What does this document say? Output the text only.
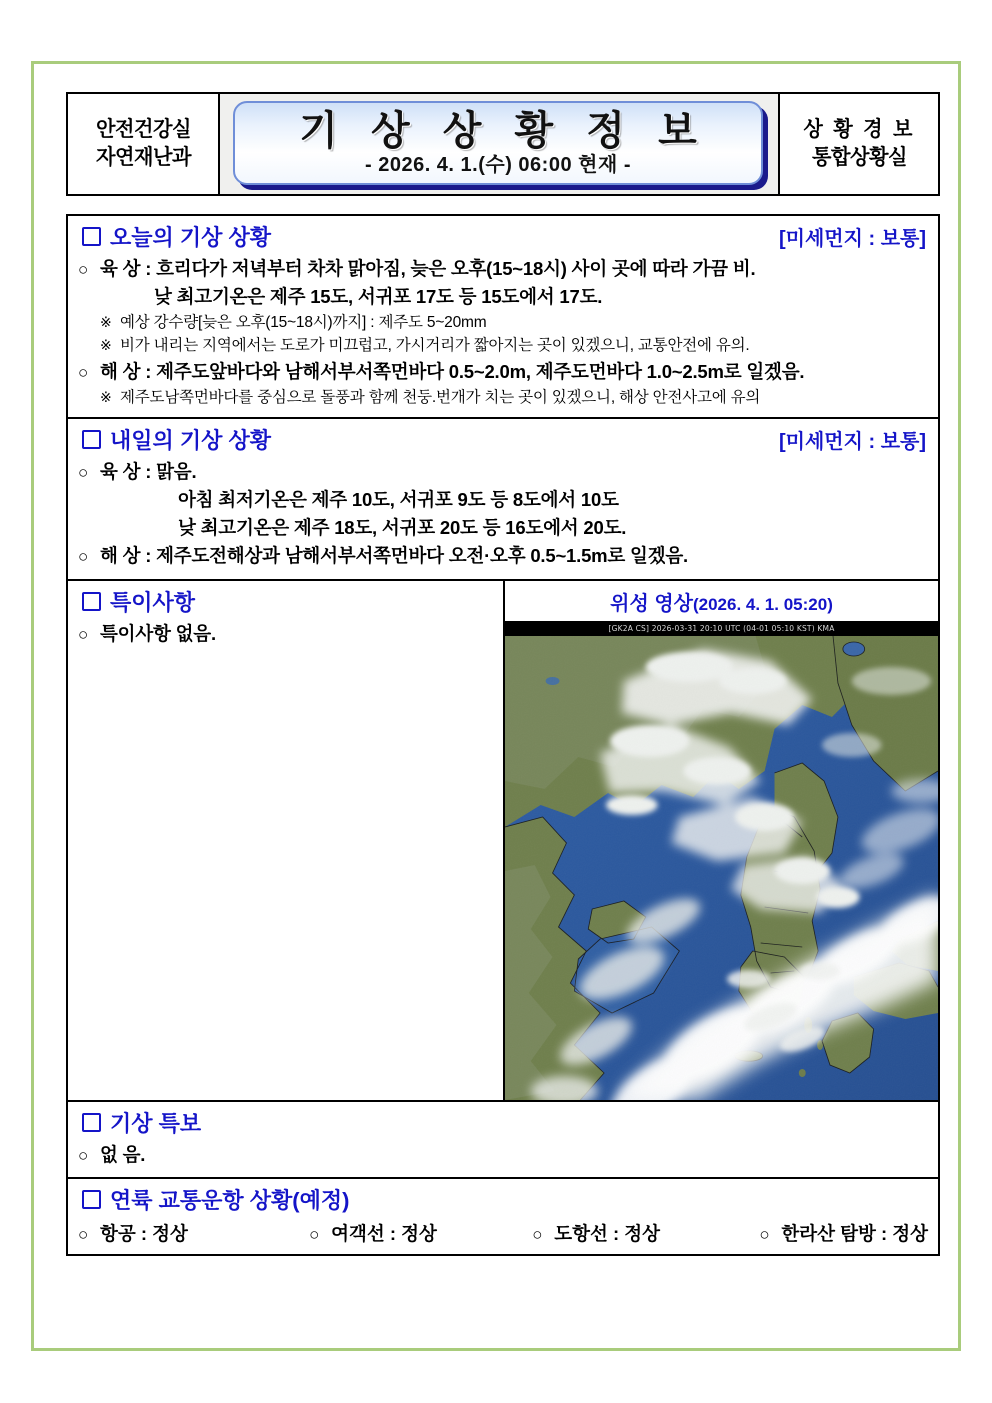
안전건강실
자연재난과
기 상 상 황 정 보
- 2026. 4. 1.(수) 06:00 현재 -
상 황 경 보
통합상황실
오늘의 기상 상황	[미세먼지 : 보통]
○ 육 상 : 흐리다가 저녁부터 차차 맑아짐, 늦은 오후(15~18시) 사이 곳에 따라 가끔 비.
낮 최고기온은 제주 15도, 서귀포 17도 등 15도에서 17도.
※ 예상 강수량[늦은 오후(15~18시)까지] : 제주도 5~20mm
※ 비가 내리는 지역에서는 도로가 미끄럽고, 가시거리가 짧아지는 곳이 있겠으니, 교통안전에 유의.
○ 해 상 : 제주도앞바다와 남해서부서쪽먼바다 0.5~2.0m, 제주도먼바다 1.0~2.5m로 일겠음.
※ 제주도남쪽먼바다를 중심으로 돌풍과 함께 천둥.번개가 치는 곳이 있겠으니, 해상 안전사고에 유의
내일의 기상 상황	[미세먼지 : 보통]
○ 육 상 : 맑음.
아침 최저기온은 제주 10도, 서귀포 9도 등 8도에서 10도
낮 최고기온은 제주 18도, 서귀포 20도 등 16도에서 20도.
○ 해 상 : 제주도전해상과 남해서부서쪽먼바다 오전·오후 0.5~1.5m로 일겠음.
특이사항
○ 특이사항 없음.
위성 영상(2026. 4. 1. 05:20)
[GK2A CS] 2026-03-31 20:10 UTC (04-01 05:10 KST) KMA
기상 특보
○ 없 음.
연륙 교통운항 상황(예정)
○ 항공 : 정상	○ 여객선 : 정상	○ 도항선 : 정상	○ 한라산 탐방 : 정상
